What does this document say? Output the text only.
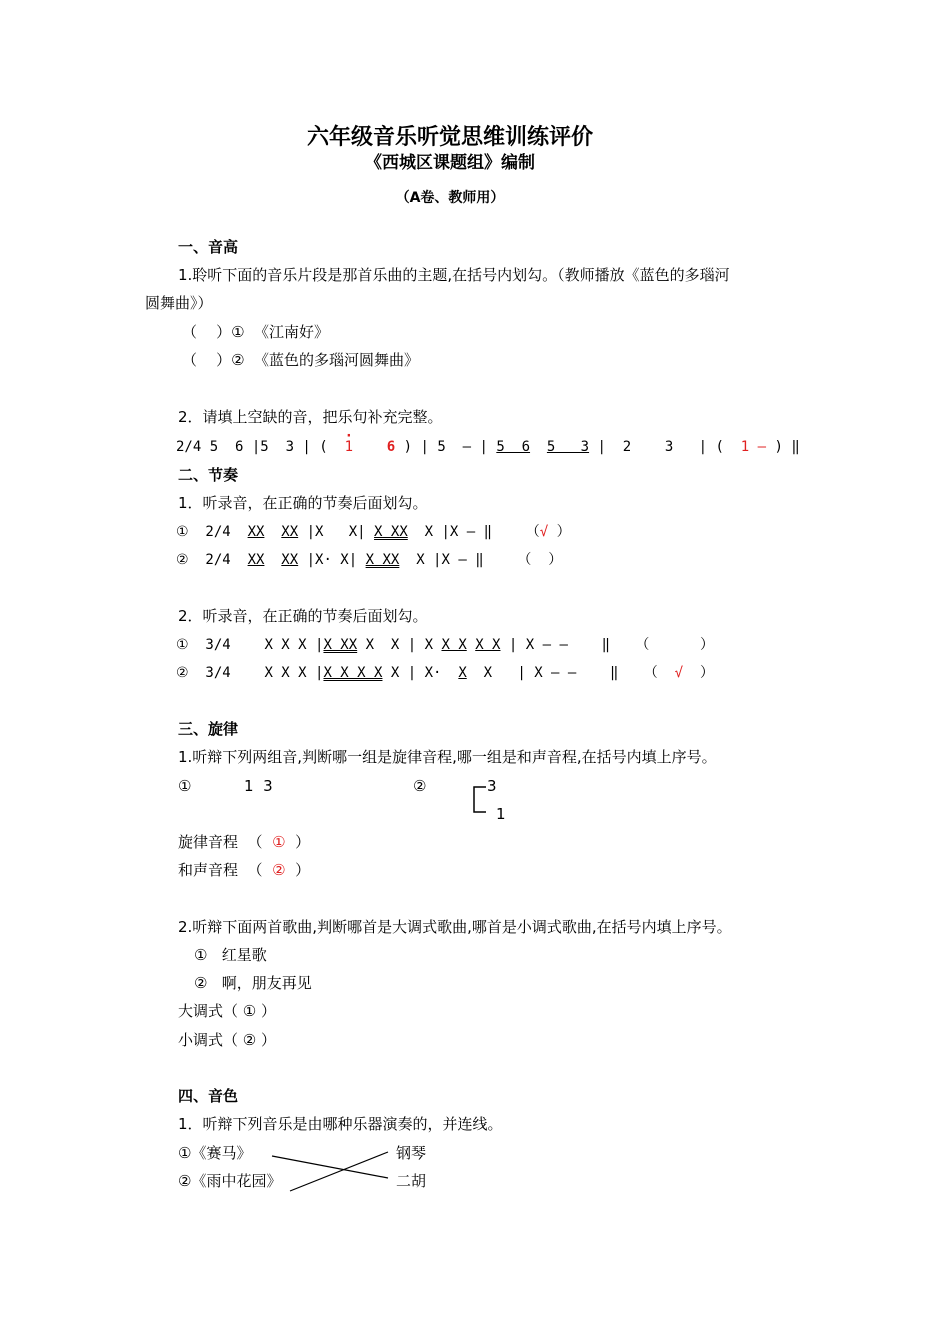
六年级音乐听觉思维训练评价
《西城区课题组》编制
（A卷、教师用）
一、音高
1.聆听下面的音乐片段是那首乐曲的主题,在括号内划勾。（教师播放《蓝色的多瑙河
圆舞曲》）
（    ）①  《江南好》
（    ）②  《蓝色的多瑙河圆舞曲》
2．请填上空缺的音，把乐句补充完整。
2/4 5  6 |5  3 | (  · 1 6 ) | 5  — | 5  6 5   3 |  2    3   | (  1 – ) ‖
二、节奏
1．听录音，在正确的节奏后面划勾。
① 2/4 XX XX |X   X| X XX X |X – ‖ （√ ）
② 2/4 XX XX |X· X| X XX X |X – ‖ （ ）
2．听录音，在正确的节奏后面划勾。
① 3/4 X X X |X XX X  X | X X X X X | X – –    ‖ （	）
② 3/4 X X X |X X X X X | X·  X  X   | X – –    ‖ （ √ ）
三、旋律
1.听辩下列两组音,判断哪一组是旋律音程,哪一组是和声音程,在括号内填上序号。
①	1  3	②	3
1
旋律音程  （  ①  ）
和声音程  （  ②  ）
2.听辩下面两首歌曲,判断哪首是大调式歌曲,哪首是小调式歌曲,在括号内填上序号。
①   红星歌
②   啊，朋友再见
大调式（ ① ）
小调式（ ② ）
四、音色
1．听辩下列音乐是由哪种乐器演奏的，并连线。
①《赛马》
②《雨中花园》
钢琴
二胡
